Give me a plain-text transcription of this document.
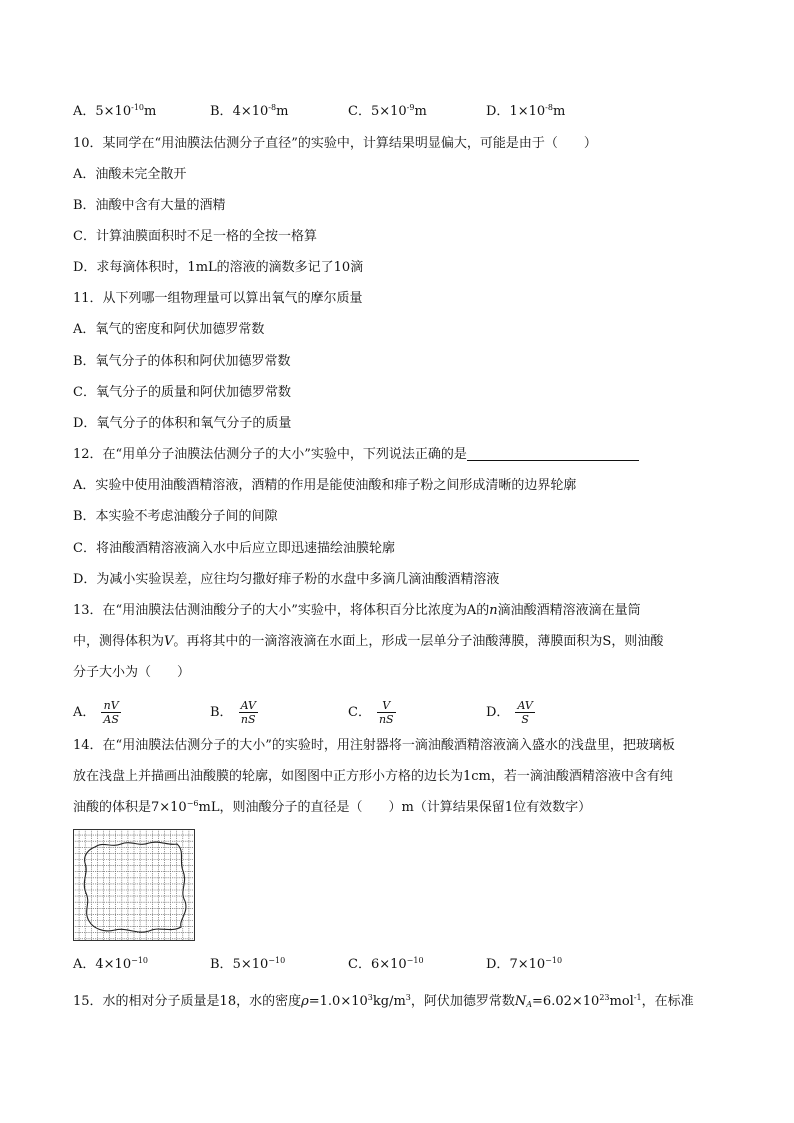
A．$5\times 10^{-10}m$	B．$4\times 10^{-8}m$	C．$5\times 10^{-9}m$	D．$1\times 10^{-8}m$
10．某同学在“用油膜法估测分子直径”的实验中，计算结果明显偏大，可能是由于（　　）
A．油酸未完全散开
B．油酸中含有大量的酒精
C．计算油膜面积时不足一格的全按一格算
D．求每滴体积时，1mL的溶液的滴数多记了10滴
11．从下列哪一组物理量可以算出氧气的摩尔质量
A．氧气的密度和阿伏加德罗常数
B．氧气分子的体积和阿伏加德罗常数
C．氧气分子的质量和阿伏加德罗常数
D．氧气分子的体积和氧气分子的质量
12．在“用单分子油膜法估测分子的大小”实验中，下列说法正确的是
A．实验中使用油酸酒精溶液，酒精的作用是能使油酸和痱子粉之间形成清晰的边界轮廓
B．本实验不考虑油酸分子间的间隙
C．将油酸酒精溶液滴入水中后应立即迅速描绘油膜轮廓
D．为减小实验误差，应往均匀撒好痱子粉的水盘中多滴几滴油酸酒精溶液
13．在“用油膜法估测油酸分子的大小”实验中，将体积百分比浓度为A的n滴油酸酒精溶液滴在量筒
中，测得体积为V。再将其中的一滴溶液滴在水面上，形成一层单分子油酸薄膜，薄膜面积为S，则油酸
分子大小为（　　）
A． $\frac{nV}{AS}$	B． $\frac{AV}{nS}$	C． $\frac{V}{nS}$	D． $\frac{AV}{S}$
14．在“用油膜法估测分子的大小”的实验时，用注射器将一滴油酸酒精溶液滴入盛水的浅盘里，把玻璃板
放在浅盘上并描画出油酸膜的轮廓，如图图中正方形小方格的边长为1cm，若一滴油酸酒精溶液中含有纯
油酸的体积是$7\times 10^{-6}mL$，则油酸分子的直径是（　　）m（计算结果保留1位有效数字）
A．$4\times 10^{-10}$	B．$5\times 10^{-10}$	C．$6\times 10^{-10}$	D．$7\times 10^{-10}$
15．水的相对分子质量是18，水的密度$\rho=1.0\times 10^3kg/m^3$，阿伏加德罗常数$N_A=6.02\times 10^{23}mol^{-1}$，在标准
